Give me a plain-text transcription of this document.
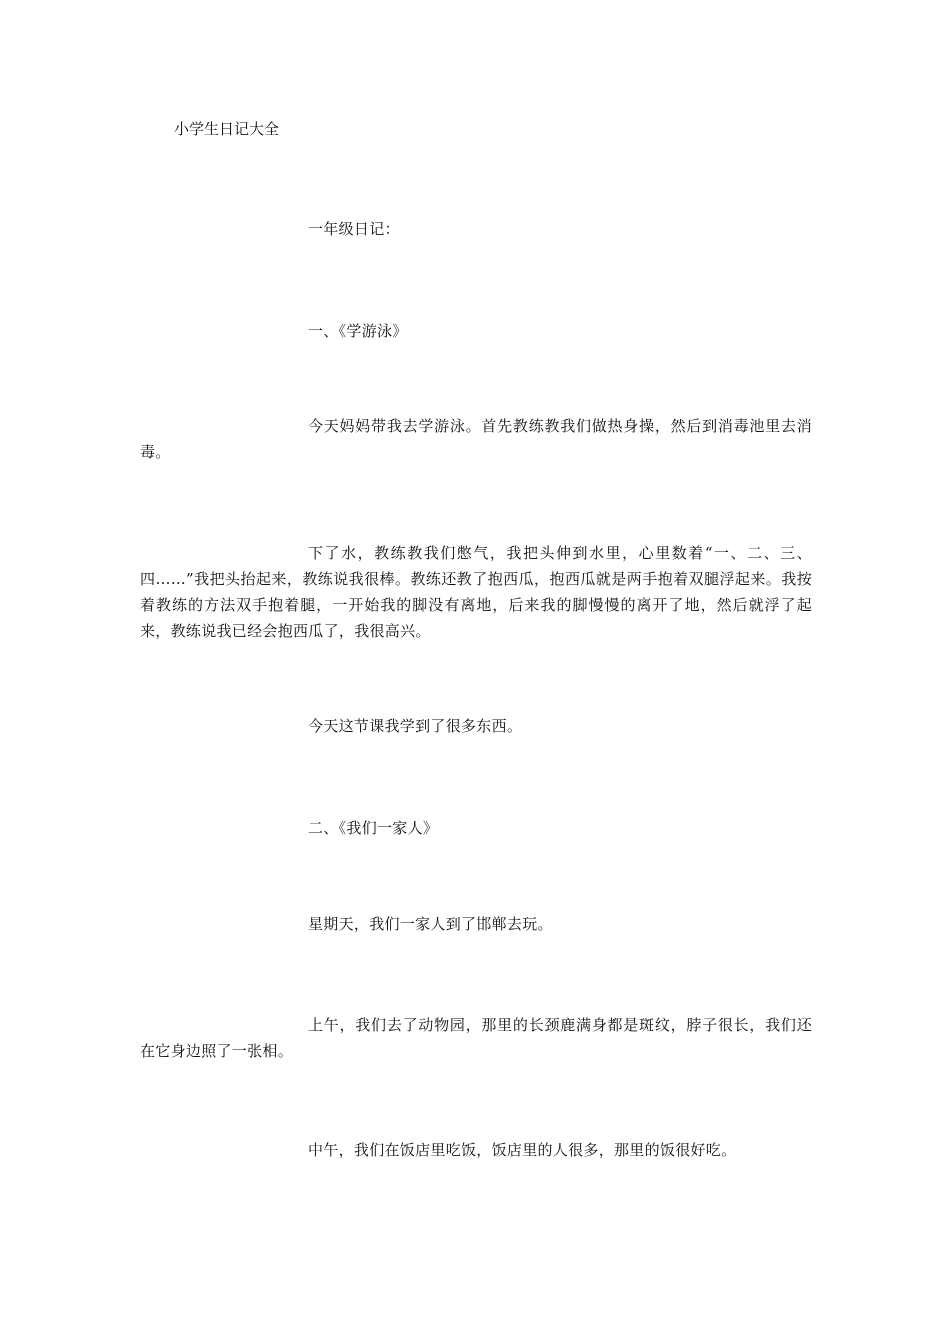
小学生日记大全

一年级日记：

一、《学游泳》

今天妈妈带我去学游泳。首先教练教我们做热身操，然后到消毒池里去消毒。

下了水，教练教我们憋气，我把头伸到水里，心里数着“一、二、三、四……”我把头抬起来，教练说我很棒。教练还教了抱西瓜，抱西瓜就是两手抱着双腿浮起来。我按着教练的方法双手抱着腿，一开始我的脚没有离地，后来我的脚慢慢的离开了地，然后就浮了起来，教练说我已经会抱西瓜了，我很高兴。

今天这节课我学到了很多东西。

二、《我们一家人》

星期天，我们一家人到了邯郸去玩。

上午，我们去了动物园，那里的长颈鹿满身都是斑纹，脖子很长，我们还在它身边照了一张相。

中午，我们在饭店里吃饭，饭店里的人很多，那里的饭很好吃。
